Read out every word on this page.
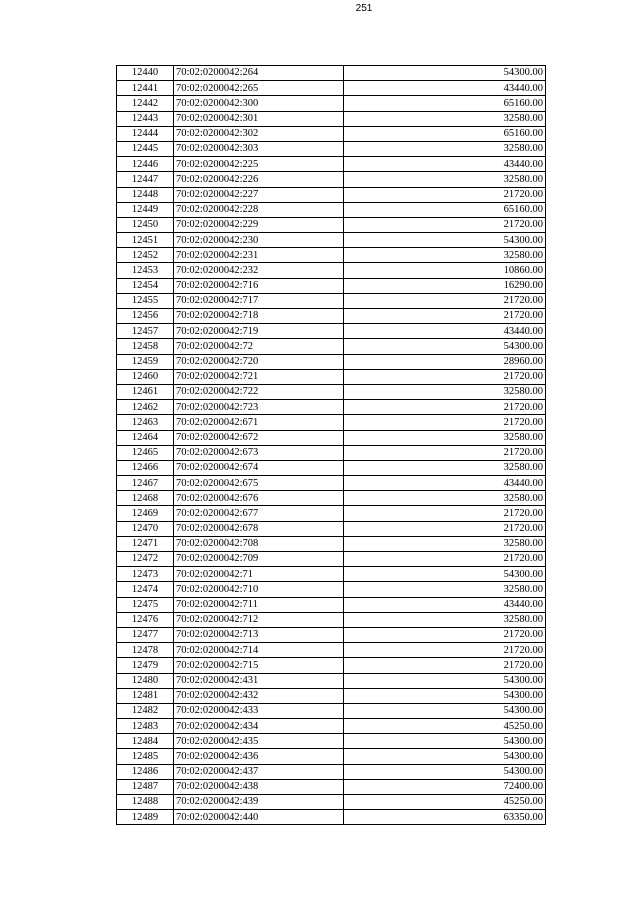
251
12440	70:02:0200042:264	54300.00
12441	70:02:0200042:265	43440.00
12442	70:02:0200042:300	65160.00
12443	70:02:0200042:301	32580.00
12444	70:02:0200042:302	65160.00
12445	70:02:0200042:303	32580.00
12446	70:02:0200042:225	43440.00
12447	70:02:0200042:226	32580.00
12448	70:02:0200042:227	21720.00
12449	70:02:0200042:228	65160.00
12450	70:02:0200042:229	21720.00
12451	70:02:0200042:230	54300.00
12452	70:02:0200042:231	32580.00
12453	70:02:0200042:232	10860.00
12454	70:02:0200042:716	16290.00
12455	70:02:0200042:717	21720.00
12456	70:02:0200042:718	21720.00
12457	70:02:0200042:719	43440.00
12458	70:02:0200042:72	54300.00
12459	70:02:0200042:720	28960.00
12460	70:02:0200042:721	21720.00
12461	70:02:0200042:722	32580.00
12462	70:02:0200042:723	21720.00
12463	70:02:0200042:671	21720.00
12464	70:02:0200042:672	32580.00
12465	70:02:0200042:673	21720.00
12466	70:02:0200042:674	32580.00
12467	70:02:0200042:675	43440.00
12468	70:02:0200042:676	32580.00
12469	70:02:0200042:677	21720.00
12470	70:02:0200042:678	21720.00
12471	70:02:0200042:708	32580.00
12472	70:02:0200042:709	21720.00
12473	70:02:0200042:71	54300.00
12474	70:02:0200042:710	32580.00
12475	70:02:0200042:711	43440.00
12476	70:02:0200042:712	32580.00
12477	70:02:0200042:713	21720.00
12478	70:02:0200042:714	21720.00
12479	70:02:0200042:715	21720.00
12480	70:02:0200042:431	54300.00
12481	70:02:0200042:432	54300.00
12482	70:02:0200042:433	54300.00
12483	70:02:0200042:434	45250.00
12484	70:02:0200042:435	54300.00
12485	70:02:0200042:436	54300.00
12486	70:02:0200042:437	54300.00
12487	70:02:0200042:438	72400.00
12488	70:02:0200042:439	45250.00
12489	70:02:0200042:440	63350.00
